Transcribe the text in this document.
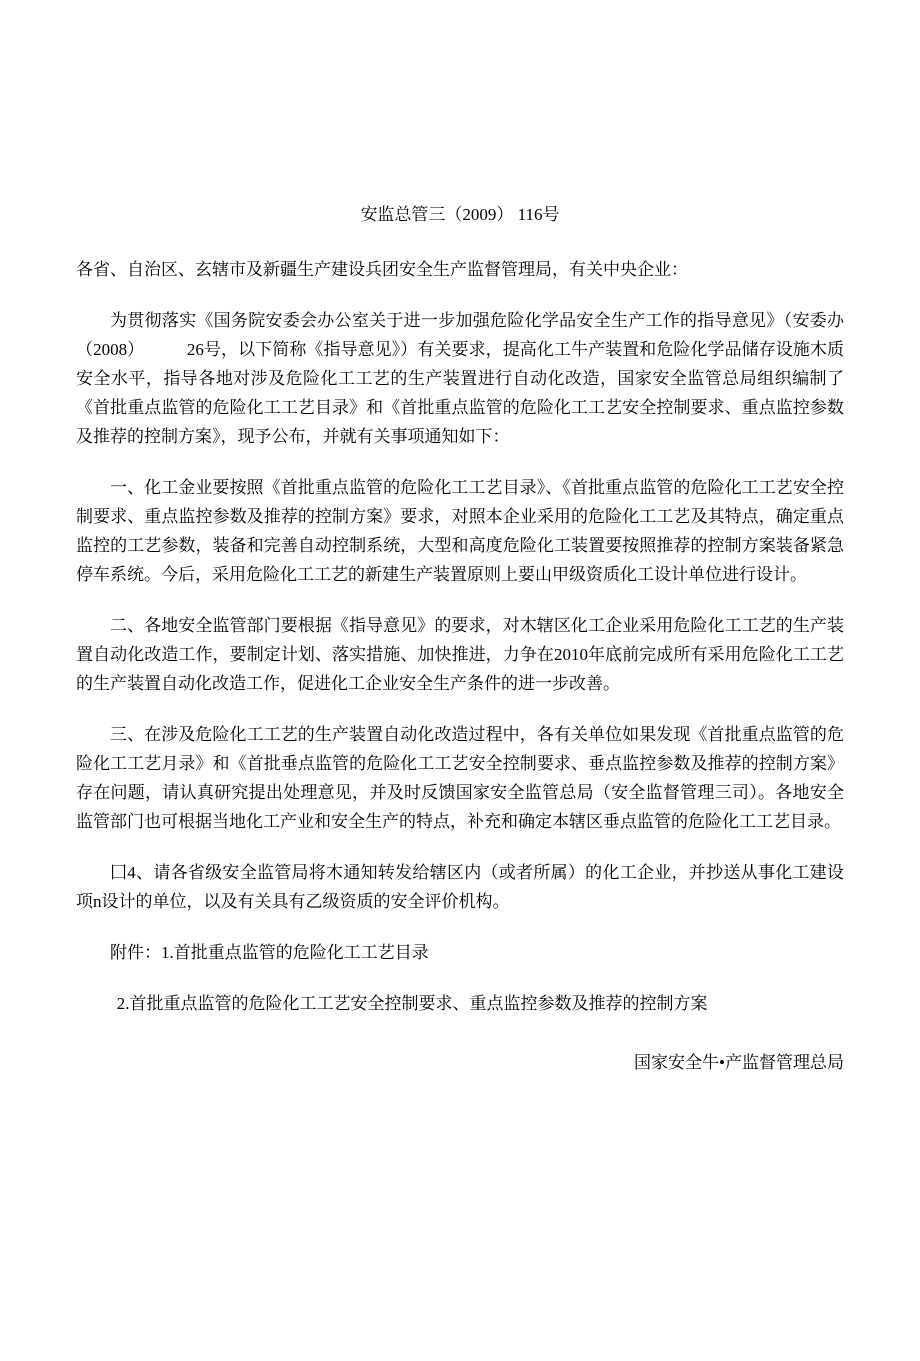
安监总管三（2009） 116号

各省、自治区、玄辖市及新疆生产建设兵团安全生产监督管理局，有关中央企业：

为贯彻落实《国务院安委会办公室关于进一步加强危险化学品安全生产工作的指导意见》（安委办（2008）　　　26号，以下简称《指导意见》）有关要求，提高化工牛产装置和危险化学品储存设施木质安全水平，指导各地对涉及危险化工工艺的生产装置进行自动化改造，国家安全监管总局组织编制了《首批重点监管的危险化工工艺目录》和《首批重点监管的危险化工工艺安全控制要求、重点监控参数及推荐的控制方案》，现予公布，并就有关事项通知如下：

一、化工金业要按照《首批重点监管的危险化工工艺目录》、《首批重点监管的危险化工工艺安全控制要求、重点监控参数及推荐的控制方案》要求，对照本企业采用的危险化工工艺及其特点，确定重点监控的工艺参数，装备和完善自动控制系统，大型和高度危险化工装置要按照推荐的控制方案装备紧急停车系统。今后，采用危险化工工艺的新建生产装置原则上要山甲级资质化工设计单位进行设计。

二、各地安全监管部门要根据《指导意见》的要求，对木辖区化工企业采用危险化工工艺的生产装置自动化改造工作，要制定计划、落实措施、加快推进，力争在2010年底前完成所有采用危险化工工艺的生产装置自动化改造工作，促进化工企业安全生产条件的进一步改善。

三、在涉及危险化工工艺的生产装置自动化改造过程中，各有关单位如果发现《首批重点监管的危险化工工艺月录》和《首批垂点监管的危险化工工艺安全控制要求、垂点监控参数及推荐的控制方案》存在问题，请认真研究提出处理意见，并及时反馈国家安全监管总局（安全监督管理三司）。各地安全监管部门也可根据当地化工产业和安全生产的特点，补充和确定本辖区垂点监管的危险化工工艺目录。

囗4、请各省级安全监管局将木通知转发给辖区内（或者所属）的化工企业，并抄送从事化工建设项n设计的单位，以及有关具有乙级资质的安全评价机构。

附件：1.首批重点监管的危险化工工艺目录

2.首批重点监管的危险化工工艺安全控制要求、重点监控参数及推荐的控制方案

国家安全牛•产监督管理总局
